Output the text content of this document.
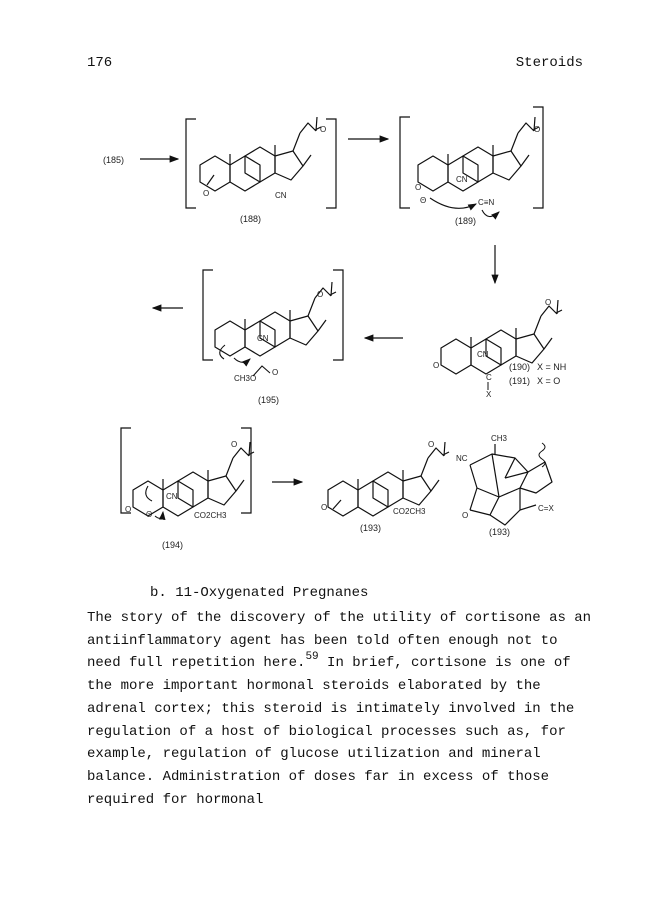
176	Steroids
(185)
O
O
CN
(188)
O
O
CN
Θ	C≡N
(189)
O
CN
CH3O
O
(195)
O
O
CN
(190) X = NH
(191) X = O
C
X
O
O
CN
CO2CH3
Θ
(194)
O
O
CO2CH3
(193)
CH3
NC
C=X
O
(193)
b. 11-Oxygenated Pregnanes

The story of the discovery of the utility of cortisone as an antiinflammatory agent has been told often enough not to need full repetition here.$^{59}$ In brief, cortisone is one of the more important hormonal steroids elaborated by the adrenal cortex; this steroid is intimately involved in the regulation of a host of biological processes such as, for example, regulation of glucose utilization and mineral balance. Administration of doses far in excess of those required for hormonal
